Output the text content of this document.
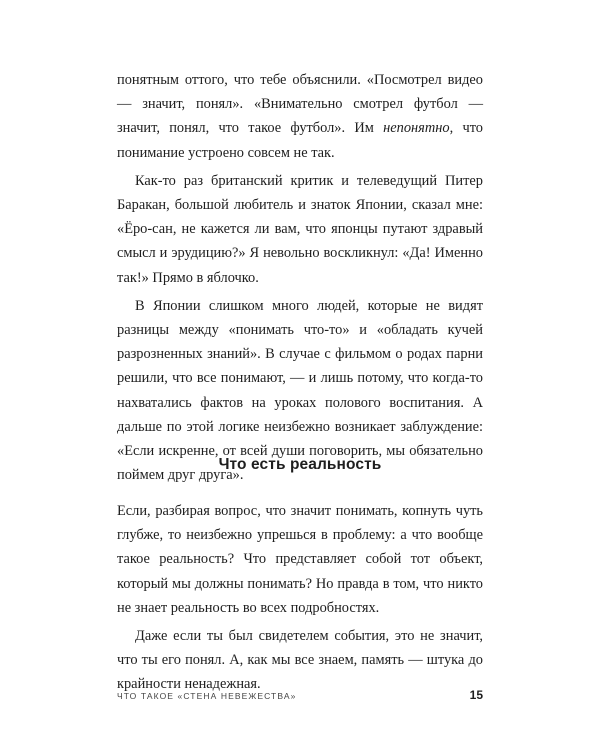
понятным оттого, что тебе объяснили. «Посмотрел видео — значит, понял». «Внимательно смотрел футбол — значит, понял, что такое футбол». Им непонятно, что понимание устроено совсем не так.

Как-то раз британский критик и телеведущий Питер Баракан, большой любитель и знаток Японии, сказал мне: «Ёро-сан, не кажется ли вам, что японцы путают здравый смысл и эрудицию?» Я невольно воскликнул: «Да! Именно так!» Прямо в яблочко.

В Японии слишком много людей, которые не видят разницы между «понимать что-то» и «обладать кучей разрозненных знаний». В случае с фильмом о родах парни решили, что все понимают, — и лишь потому, что когда-то нахватались фактов на уроках полового воспитания. А дальше по этой логике неизбежно возникает заблуждение: «Если искренне, от всей души поговорить, мы обязательно поймем друг друга».

Что есть реальность

Если, разбирая вопрос, что значит понимать, копнуть чуть глубже, то неизбежно упрешься в проблему: а что вообще такое реальность? Что представляет собой тот объект, который мы должны понимать? Но правда в том, что никто не знает реальность во всех подробностях.

Даже если ты был свидетелем события, это не значит, что ты его понял. А, как мы все знаем, память — штука до крайности ненадежная.

ЧТО ТАКОЕ «СТЕНА НЕВЕЖЕСТВА»	15
